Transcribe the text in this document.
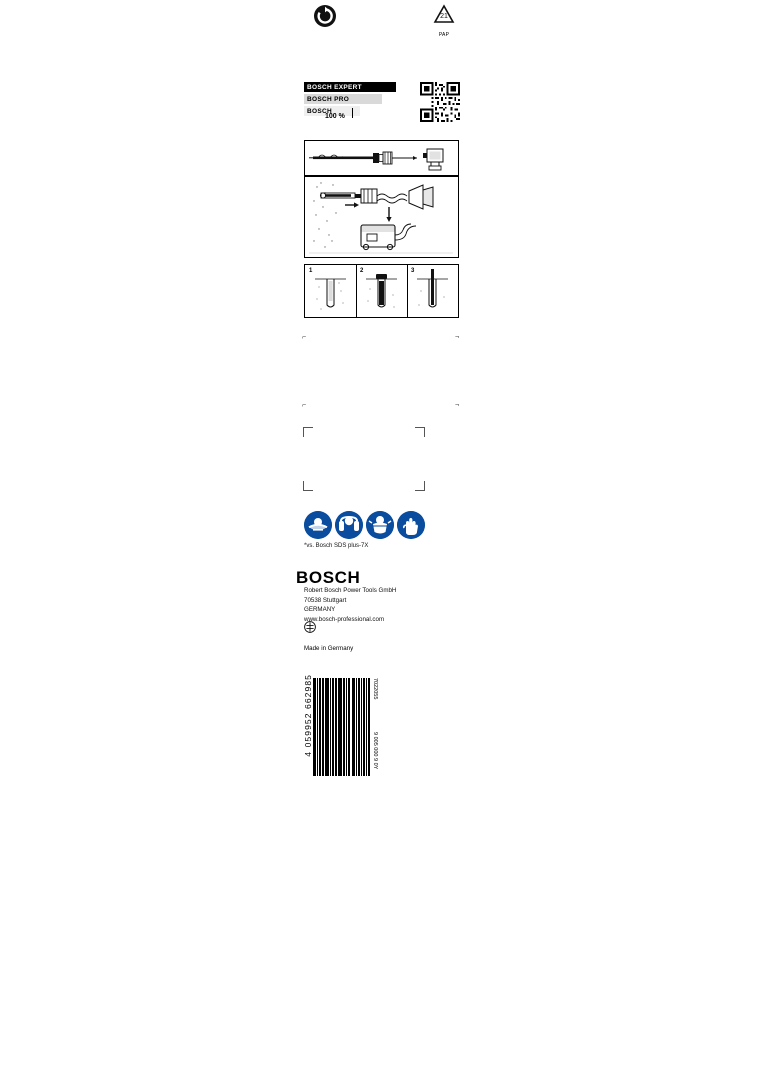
21
PAP
BOSCH EXPERT
BOSCH PRO
BOSCH
100 %
1	2	3
⌐	¬
⌐	¬
*vs. Bosch SDS plus-7X
BOSCH
Robert Bosch Power Tools GmbH
70538 Stuttgart
GERMANY
www.bosch-professional.com
Made in Germany
4 059952 662985	7022055
9 005 000 9 0Y
